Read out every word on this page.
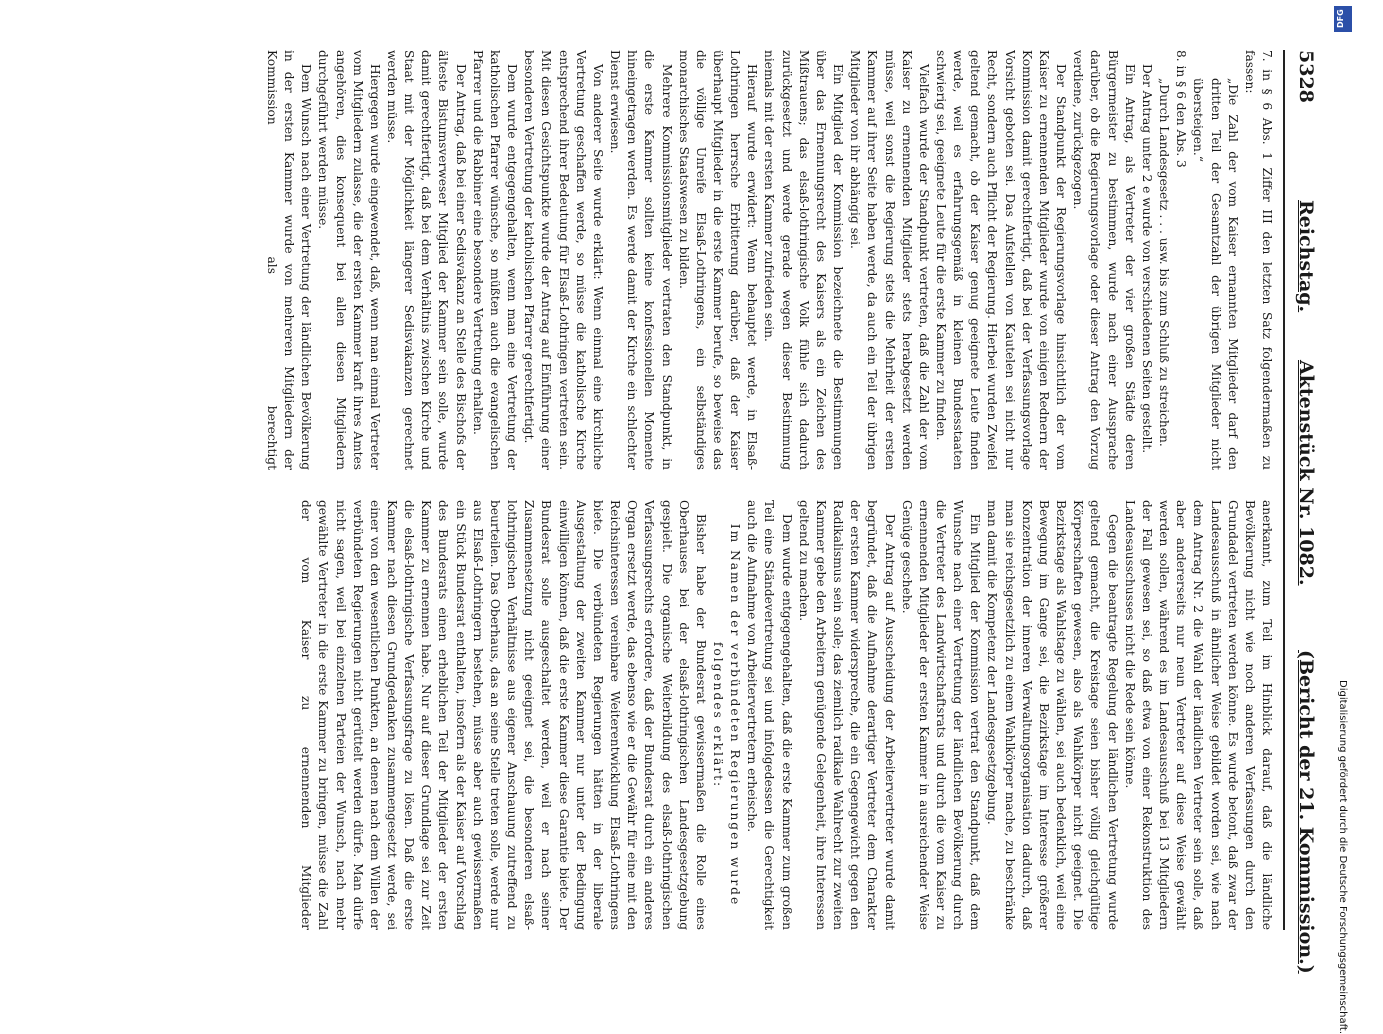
5328
Reichstag.
Aktenstück Nr. 1082.
(Bericht der 21. Kommission.)

7. in § 6 Abs. 1 Ziffer III den letzten Satz folgendermaßen zu fassen:

„Die Zahl der vom Kaiser ernannten Mitglieder darf den dritten Teil der Gesamtzahl der übrigen Mitglieder nicht übersteigen.“

8. in § 6 den Abs. 3

„Durch Landesgesetz . . . usw. bis zum Schluß zu streichen.

Der Antrag unter 2 e wurde von verschiedenen Seiten gestellt.

Ein Antrag, als Vertreter der vier großen Städte deren Bürgermeister zu bestimmen, wurde nach einer Aussprache darüber, ob die Regierungsvorlage oder dieser Antrag den Vorzug verdiene, zurückgezogen.

Der Standpunkt der Regierungsvorlage hinsichtlich der vom Kaiser zu ernennenden Mitglieder wurde von einigen Rednern der Kommission damit gerechtfertigt, daß bei der Verfassungsvorlage Vorsicht geboten sei. Das Aufstellen von Kautelen sei nicht nur Recht, sondern auch Pflicht der Regierung. Hierbei wurden Zweifel geltend gemacht, ob der Kaiser genug geeignete Leute finden werde, weil es erfahrungsgemäß in kleinen Bundesstaaten schwierig sei, geeignete Leute für die erste Kammer zu finden.

Vielfach wurde der Standpunkt vertreten, daß die Zahl der vom Kaiser zu ernennenden Mitglieder stets herabgesetzt werden müsse, weil sonst die Regierung stets die Mehrheit der ersten Kammer auf ihrer Seite haben werde, da auch ein Teil der übrigen Mitglieder von ihr abhängig sei.

Ein Mitglied der Kommission bezeichnete die Bestimmungen über das Ernennungsrecht des Kaisers als ein Zeichen des Mißtrauens; das elsaß-lothringische Volk fühle sich dadurch zurückgesetzt und werde gerade wegen dieser Bestimmung niemals mit der ersten Kammer zufrieden sein.

Hierauf wurde erwidert: Wenn behauptet werde, in Elsaß-Lothringen herrsche Erbitterung darüber, daß der Kaiser überhaupt Mitglieder in die erste Kammer berufe, so beweise das die völlige Unreife Elsaß-Lothringens, ein selbständiges monarchisches Staatswesen zu bilden.

Mehrere Kommissionsmitglieder vertraten den Standpunkt, in die erste Kammer sollten keine konfessionellen Momente hineingetragen werden. Es werde damit der Kirche ein schlechter Dienst erwiesen.

Von anderer Seite wurde erklärt: Wenn einmal eine kirchliche Vertretung geschaffen werde, so müsse die katholische Kirche entsprechend ihrer Bedeutung für Elsaß-Lothringen vertreten sein. Mit diesen Gesichtspunkte wurde der Antrag auf Einführung einer besonderen Vertretung der katholischen Pfarrer gerechtfertigt.

Dem wurde entgegengehalten, wenn man eine Vertretung der katholischen Pfarrer wünsche, so müßten auch die evangelischen Pfarrer und die Rabbiner eine besondere Vertretung erhalten.

Der Antrag, daß bei einer Sedisvakanz an Stelle des Bischofs der älteste Bistumsverweser Mitglied der Kammer sein solle, wurde damit gerechtfertigt, daß bei dem Verhältnis zwischen Kirche und Staat mit der Möglichkeit längerer Sedisvakanzen gerechnet werden müsse.

Hiergegen wurde eingewendet, daß, wenn man einmal Vertreter vom Mitgliedern zulasse, die der ersten Kammer kraft ihres Amtes angehören, dies konsequent bei allen diesen Mitgliedern durchgeführt werden müsse.

Dem Wunsch nach einer Vertretung der ländlichen Bevölkerung in der ersten Kammer wurde von mehreren Mitgliedern der Kommission als berechtigt

anerkannt, zum Teil im Hinblick darauf, daß die ländliche Bevölkerung nicht wie noch anderen Verfassungen durch den Grundadel vertreten werden könne. Es wurde betont, daß zwar der Landesausschuß in ähnlicher Weise gebildet worden sei, wie nach dem Antrag Nr. 2 die Wahl der ländlichen Vertreter sein solle, daß aber andererseits nur neun Vertreter auf diese Weise gewählt werden sollen, während es im Landesausschuß bei 13 Mitgliedern der Fall gewesen sei, so daß etwa von einer Rekonstruktion des Landesausschusses nicht die Rede sein könne.

Gegen die beantragte Regelung der ländlichen Vertretung wurde geltend gemacht, die Kreistage seien bisher völlig gleichgültige Körperschaften gewesen, also als Wahlkörper nicht geeignet. Die Bezirkstage als Wahlstage zu wählen, sei auch bedenklich, weil eine Bewegung im Gange sei, die Bezirkstage im Interesse größerer Konzentration der inneren Verwaltungsorganisation dadurch, daß man sie reichsgesetzlich zu einem Wahlkörper mache, zu beschränke man damit die Kompetenz der Landesgesetzgebung.

Ein Mitglied der Kommission vertrat den Standpunkt, daß dem Wunsche nach einer Vertretung der ländlichen Bevölkerung durch die Vertreter des Landwirtschaftsrats und durch die vom Kaiser zu ernennenden Mitglieder der ersten Kammer in ausreichender Weise Genüge geschehe.

Der Antrag auf Ausscheidung der Arbeitervertreter wurde damit begründet, daß die Aufnahme derartiger Vertreter dem Charakter der ersten Kammer widerspreche, die ein Gegengewicht gegen den Radikalismus sein solle; das ziemlich radikale Wahlrecht zur zweiten Kammer gebe den Arbeitern genügende Gelegenheit, ihre Interessen geltend zu machen.

Dem wurde entgegengehalten, daß die erste Kammer zum großen Teil eine Ständevertretung sei und infolgedessen die Gerechtigkeit auch die Aufnahme von Arbeitervertretern erheische.

Im Namen der verbündeten Regierungen wurde folgendes erklärt:

Bisher habe der Bundesrat gewissermaßen die Rolle eines Oberhauses bei der elsaß-lothringischen Landesgesetzgebung gespielt. Die organische Weiterbildung des elsaß-lothringischen Verfassungsrechts erfordere, daß der Bundesrat durch ein anderes Organ ersetzt werde, das ebenso wie er die Gewähr für eine mit den Reichsinteressen vereinbare Weiterentwicklung Elsaß-Lothringens biete. Die verbündeten Regierungen hätten in der liberale Ausgestaltung der zweiten Kammer nur unter der Bedingung einwilligen können, daß die erste Kammer diese Garantie biete. Der Bundesrat solle ausgeschaltet werden, weil er nach seiner Zusammensetzung nicht geeignet sei, die besonderen elsaß-lothringischen Verhältnisse aus eigener Anschauung zutreffend zu beurteilen. Das Oberhaus, das an seine Stelle treten solle, werde nur aus Elsaß-Lothringern bestehen, müsse aber auch gewissermaßen ein Stück Bundesrat enthalten, insofern als der Kaiser auf Vorschlag des Bundesrats einen erheblichen Teil der Mitglieder der ersten Kammer zu ernennen habe. Nur auf dieser Grundlage sei zur Zeit die elsaß-lothringische Verfassungsfrage zu lösen. Daß die erste Kammer nach diesen Grundgedanken zusammengesetzt werde, sei einer von den wesentlichen Punkten, an denen nach dem Willen der verbündeten Regierungen nicht gerüttelt werden dürfe. Man dürfe nicht sagen, weil bei einzelnen Parteien der Wunsch, nach mehr gewählte Vertreter in die erste Kammer zu bringen, müsse die Zahl der vom Kaiser zu ernennenden Mitglieder

DFG
Digitalisierung gefördert durch die Deutsche Forschungsgemeinschaft.
